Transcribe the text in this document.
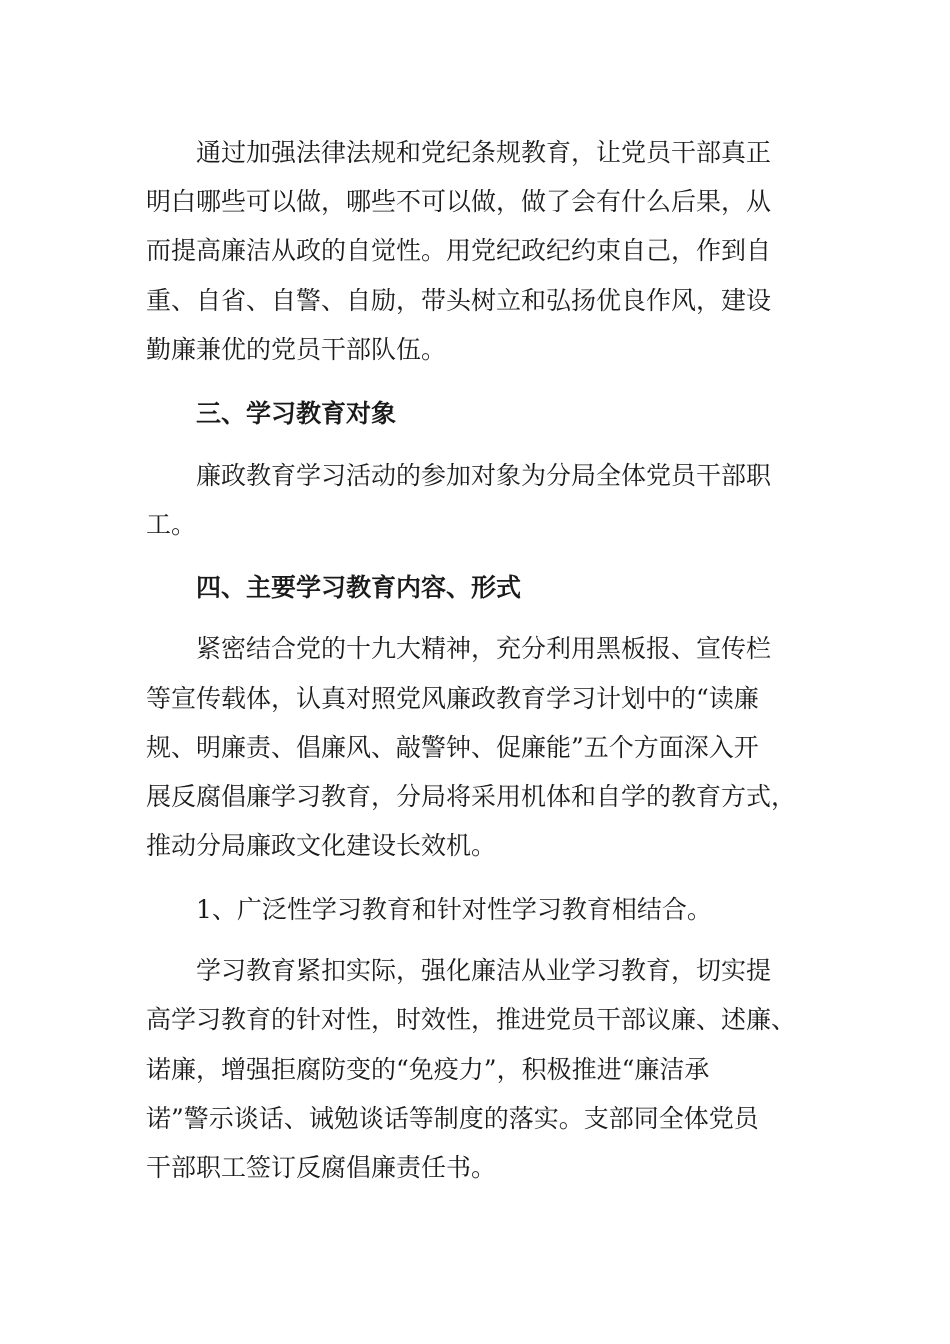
通过加强法律法规和党纪条规教育，让党员干部真正
明白哪些可以做，哪些不可以做，做了会有什么后果，从
而提高廉洁从政的自觉性。用党纪政纪约束自己，作到自
重、自省、自警、自励，带头树立和弘扬优良作风，建设
勤廉兼优的党员干部队伍。
三、学习教育对象
廉政教育学习活动的参加对象为分局全体党员干部职
工。
四、主要学习教育内容、形式
紧密结合党的十九大精神，充分利用黑板报、宣传栏
等宣传载体，认真对照党风廉政教育学习计划中的“读廉
规、明廉责、倡廉风、敲警钟、促廉能”五个方面深入开
展反腐倡廉学习教育，分局将采用机体和自学的教育方式，
推动分局廉政文化建设长效机。
1、广泛性学习教育和针对性学习教育相结合。
学习教育紧扣实际，强化廉洁从业学习教育，切实提
高学习教育的针对性，时效性，推进党员干部议廉、述廉、
诺廉，增强拒腐防变的“免疫力”，积极推进“廉洁承
诺”警示谈话、诫勉谈话等制度的落实。支部同全体党员
干部职工签订反腐倡廉责任书。
